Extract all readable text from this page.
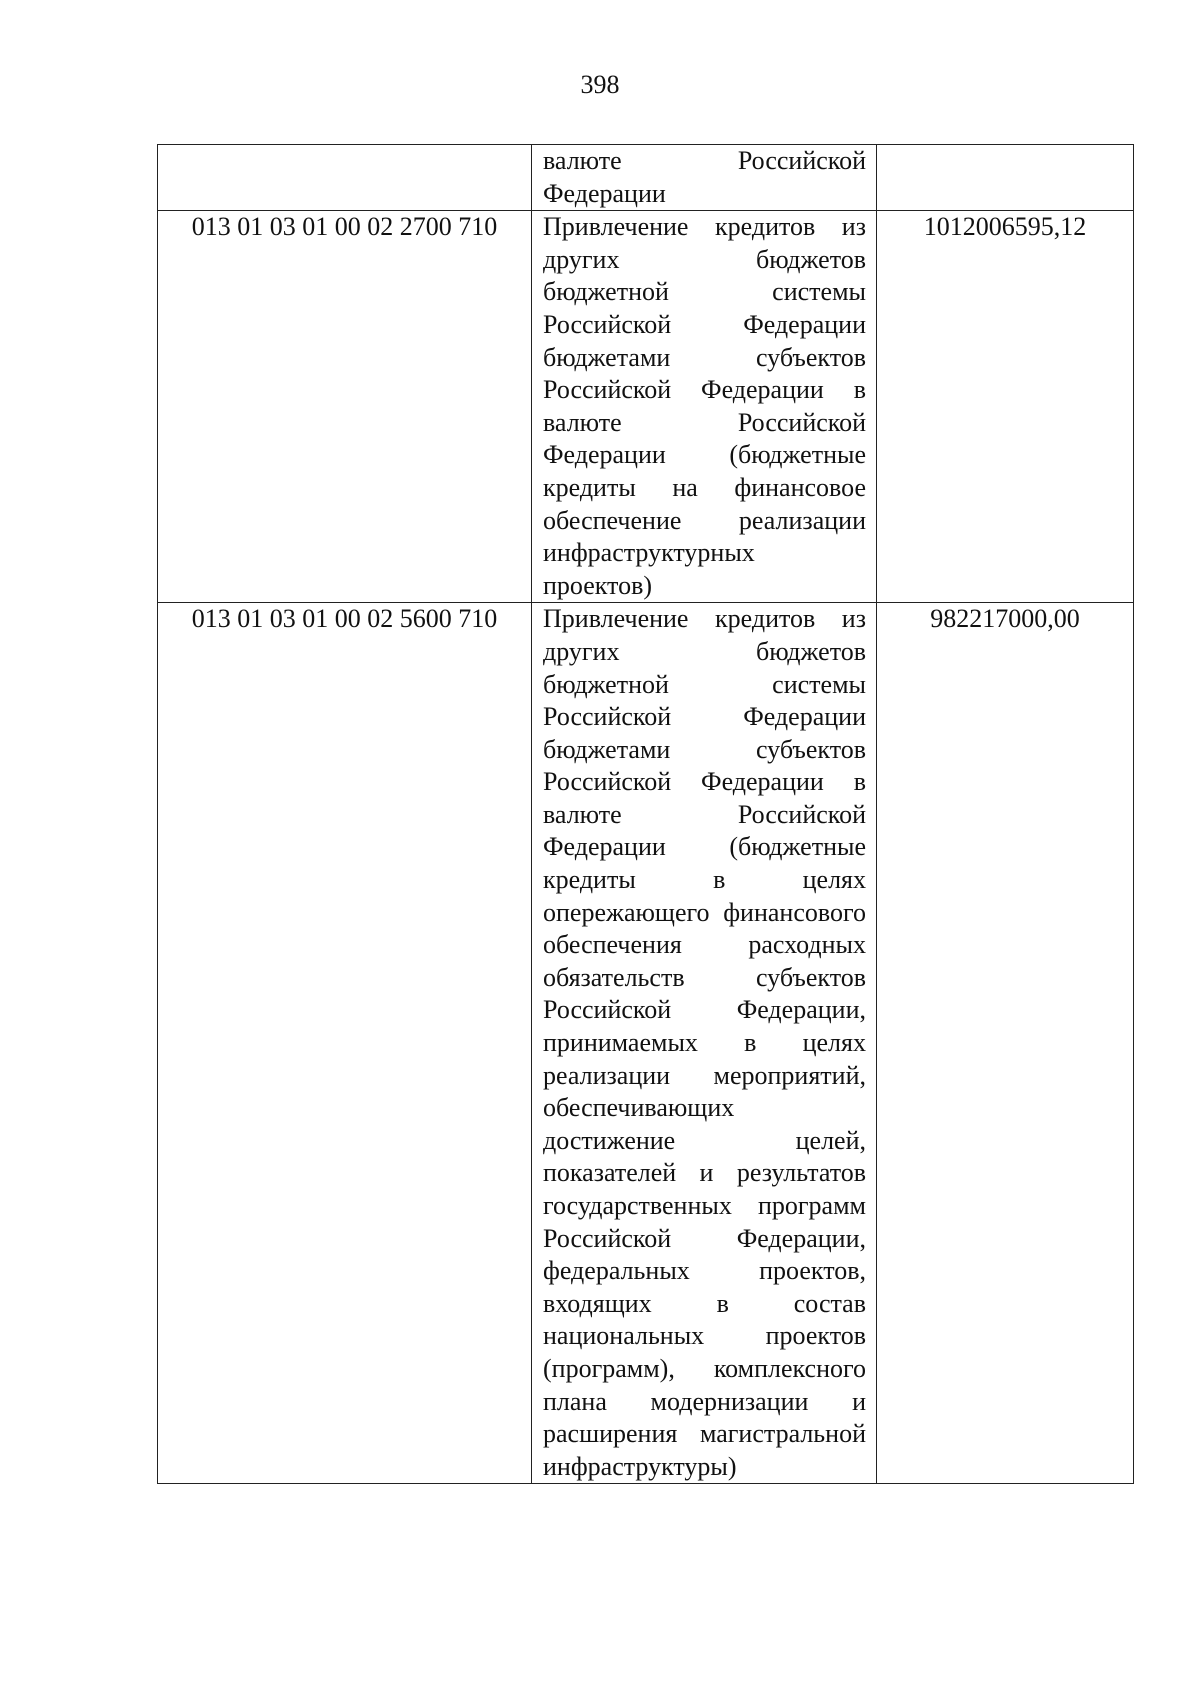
398

	валюте Российской Федерации	

013 01 03 01 00 02 2700 710	Привлечение кредитов из других бюджетов бюджетной системы Российской Федерации бюджетами субъектов Российской Федерации в валюте Российской Федерации (бюджетные кредиты на финансовое обеспечение реализации инфраструктурных проектов)	1012006595,12
013 01 03 01 00 02 5600 710	Привлечение кредитов из других бюджетов бюджетной системы Российской Федерации бюджетами субъектов Российской Федерации в валюте Российской Федерации (бюджетные кредиты в целях опережающего финансового обеспечения расходных обязательств субъектов Российской Федерации, принимаемых в целях реализации мероприятий, обеспечивающих достижение целей, показателей и результатов государственных программ Российской Федерации, федеральных проектов, входящих в состав национальных проектов (программ), комплексного плана модернизации и расширения магистральной инфраструктуры)	982217000,00
